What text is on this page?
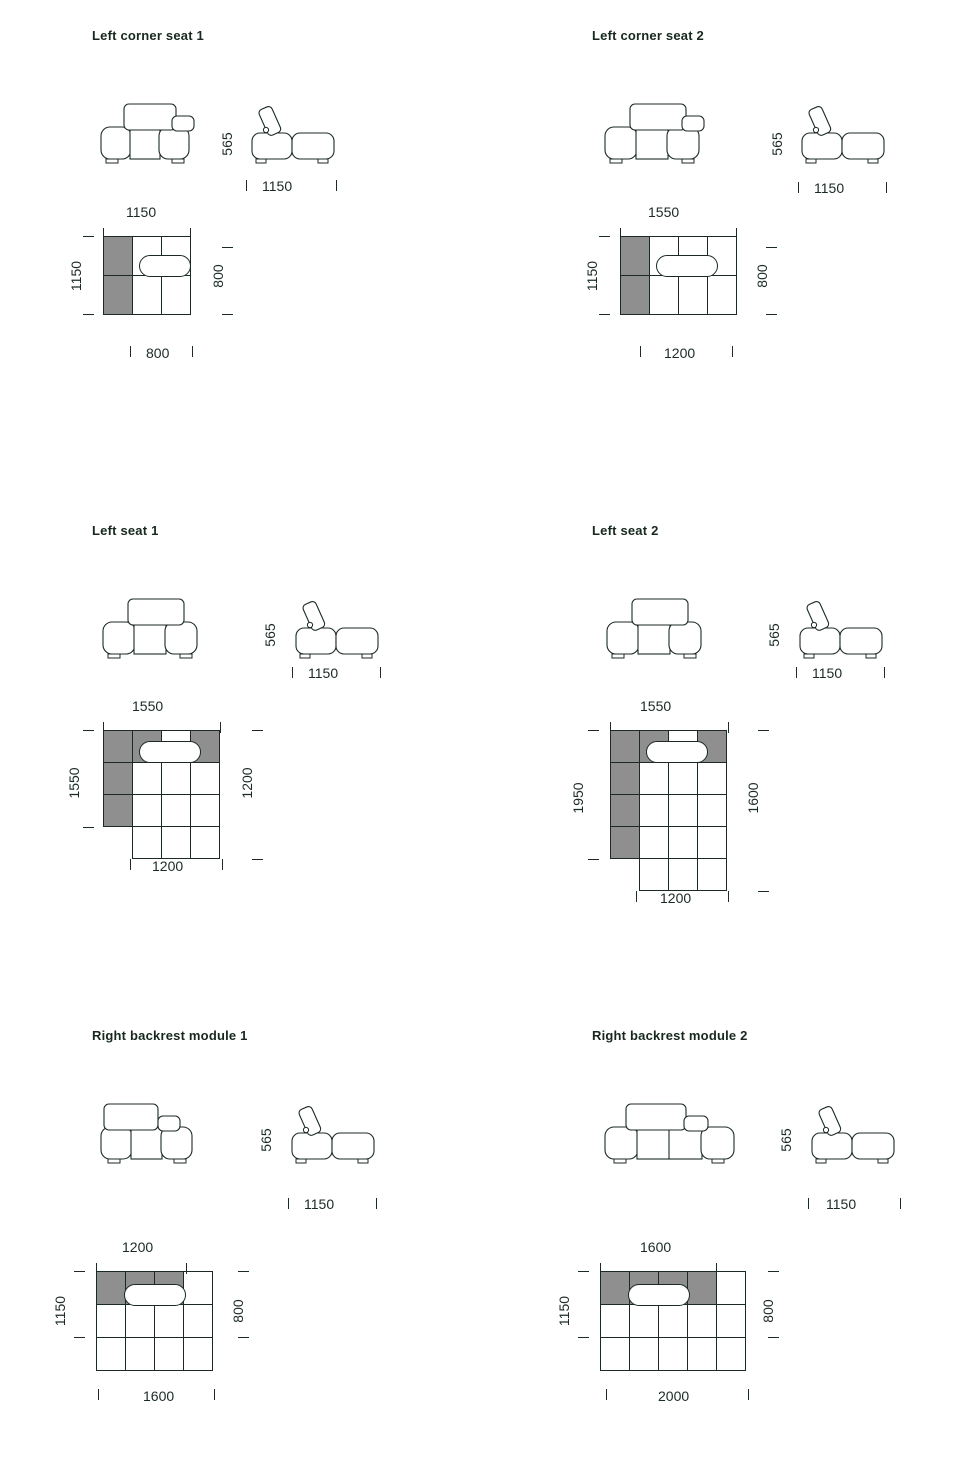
Left corner seat 1
565
1150
1150
1150	800
800
Left corner seat 2
565
1150
1550
1150	800
1200
Left seat 1
565
1150
1550
1550	1200
1200
Left seat 2
565
1150
1550
1950	1600
1200
Right backrest module 1
565
1150
1200
1150	800
1600
Right backrest module 2
565
1150
1600
1150	800
2000
